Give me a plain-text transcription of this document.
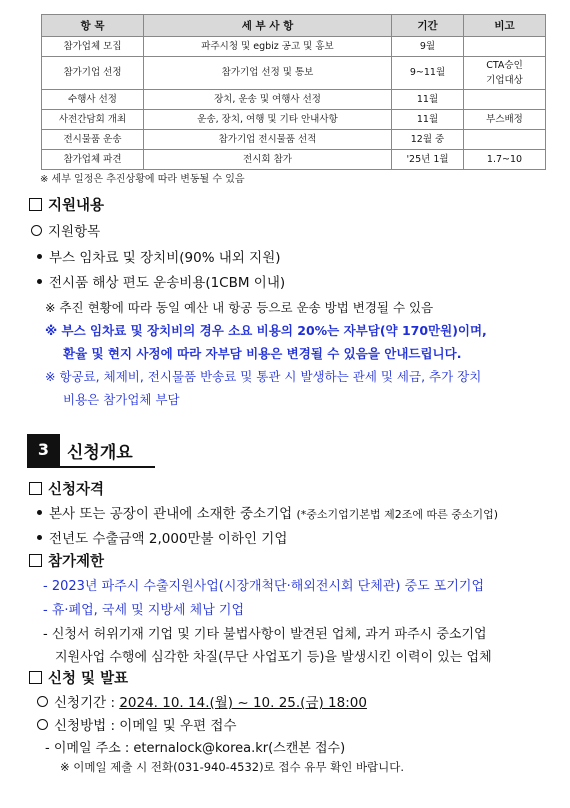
항 목	세 부 사 항	기간	비고
참가업체 모집	파주시청 및 egbiz 공고 및 홍보	9월	
참가기업 선정	참가기업 선정 및 통보	9~11월	CTA승인
기업대상
수행사 선정	장치, 운송 및 여행사 선정	11월	
사전간담회 개최	운송, 장치, 여행 및 기타 안내사항	11월	부스배정
전시물품 운송	참가기업 전시물품 선적	12월 중	
참가업체 파견	전시회 참가	'25년 1월	1.7~10
※ 세부 일정은 추진상황에 따라 변동될 수 있음
지원내용
지원항목
부스 임차료 및 장치비(90% 내외 지원)
전시품 해상 편도 운송비용(1CBM 이내)
※ 추진 현황에 따라 동일 예산 내 항공 등으로 운송 방법 변경될 수 있음
※ 부스 임차료 및 장치비의 경우 소요 비용의 20%는 자부담(약 170만원)이며,
환율 및 현지 사정에 따라 자부담 비용은 변경될 수 있음을 안내드립니다.
※ 항공료, 체제비, 전시물품 반송료 및 통관 시 발생하는 관세 및 세금, 추가 장치
비용은 참가업체 부담
3	신청개요
신청자격
본사 또는 공장이 관내에 소재한 중소기업 (*중소기업기본법 제2조에 따른 중소기업)
전년도 수출금액 2,000만불 이하인 기업
참가제한
- 2023년 파주시 수출지원사업(시장개척단·해외전시회 단체관) 중도 포기기업
- 휴·폐업, 국세 및 지방세 체납 기업
- 신청서 허위기재 기업 및 기타 불법사항이 발견된 업체, 과거 파주시 중소기업
지원사업 수행에 심각한 차질(무단 사업포기 등)을 발생시킨 이력이 있는 업체
신청 및 발표
신청기간 : 2024. 10. 14.(월) ~ 10. 25.(금) 18:00
신청방법 : 이메일 및 우편 접수
- 이메일 주소 : eternalock@korea.kr(스캔본 접수)
※ 이메일 제출 시 전화(031-940-4532)로 접수 유무 확인 바랍니다.
